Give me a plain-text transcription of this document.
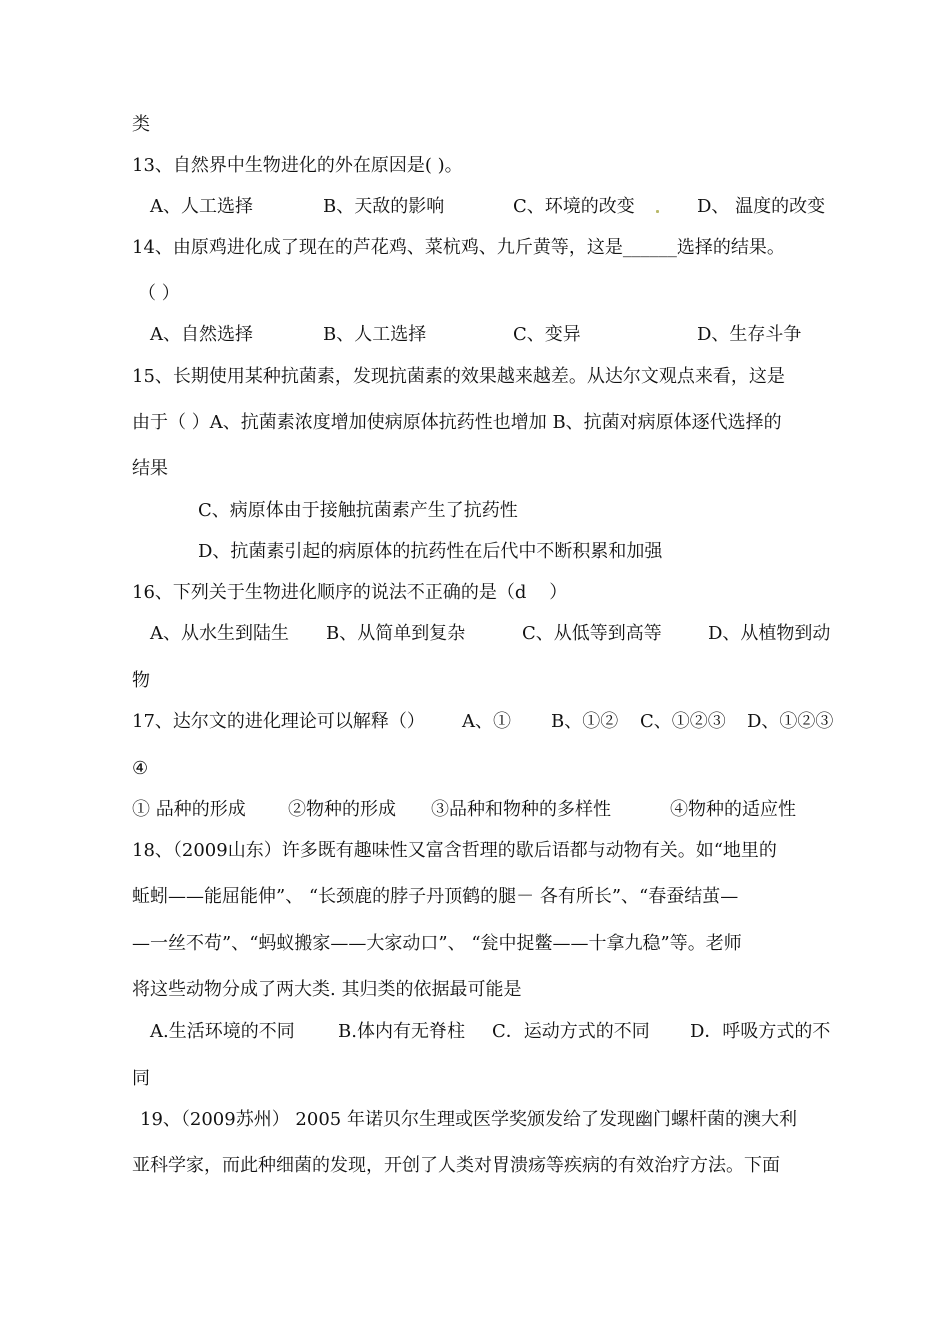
类
13、自然界中生物进化的外在原因是( )。
A、人工选择	B、天敌的影响	C、环境的改变	D、 温度的改变
14、由原鸡进化成了现在的芦花鸡、菜杭鸡、九斤黄等，这是______选择的结果。
（ ）
A、自然选择	B、人工选择	C、变异	D、生存斗争
15、长期使用某种抗菌素，发现抗菌素的效果越来越差。从达尔文观点来看，这是
由于（ ）A、抗菌素浓度增加使病原体抗药性也增加 B、抗菌对病原体逐代选择的
结果
C、病原体由于接触抗菌素产生了抗药性
D、抗菌素引起的病原体的抗药性在后代中不断积累和加强
16、下列关于生物进化顺序的说法不正确的是（d    ）
A、从水生到陆生 B、从简单到复杂	C、从低等到高等	D、从植物到动
物
17、达尔文的进化理论可以解释（） A、① B、①② C、①②③ D、①②③
④
① 品种的形成 ②物种的形成 ③品种和物种的多样性	④物种的适应性
18、（2009山东）许多既有趣味性又富含哲理的歇后语都与动物有关。如“地里的
蚯蚓——能屈能伸”、 “长颈鹿的脖子丹顶鹤的腿－ 各有所长”、“春蚕结茧—
—一丝不苟”、“蚂蚁搬家——大家动口”、 “瓮中捉鳖——十拿九稳”等。老师
将这些动物分成了两大类. 其归类的依据最可能是
A.生活环境的不同 B.体内有无脊柱 C．运动方式的不同 D．呼吸方式的不
同
19、（2009苏州） 2005 年诺贝尔生理或医学奖颁发给了发现幽门螺杆菌的澳大利
亚科学家，而此种细菌的发现，开创了人类对胃溃疡等疾病的有效治疗方法。下面
